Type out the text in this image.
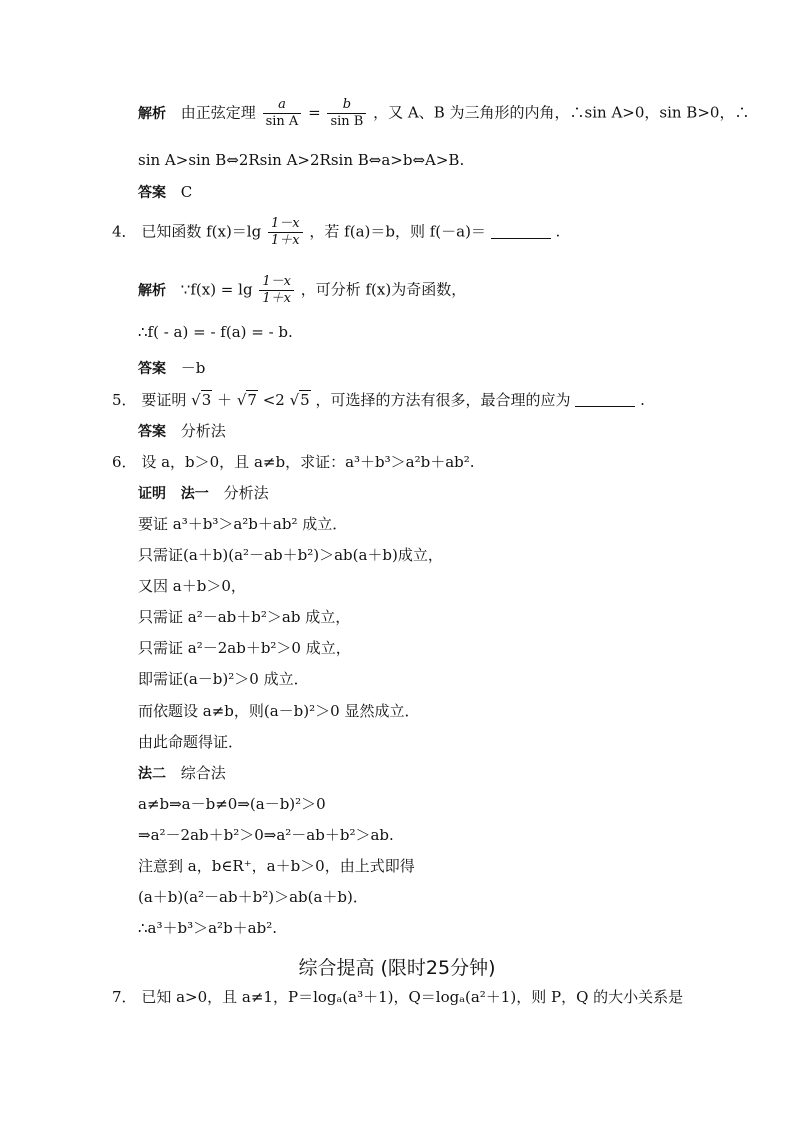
解析 由正弦定理 $\frac{a}{\text{sin A}} = \frac{b}{\text{sin B}}$ ，又 A、B 为三角形的内角，∴sin A>0，sin B>0，∴
sin A>sin B⇔2Rsin A>2Rsin B⇔a>b⇔A>B.
答案 C
4． 已知函数 $f(x)=\lg \frac{1-x}{1+x}$ ，若 f(a)＝b，则 f(－a)＝	.
解析 ∵f(x) = $\lg \frac{1-x}{1+x}$ ，可分析 f(x)为奇函数，
∴f( - a) = - f(a) = - b.
答案 －b
5． 要证明 √3 ＋ √7 <2 √5 ，可选择的方法有很多，最合理的应为	.
答案 分析法
6． 设 a，b＞0，且 a≠b，求证：a³＋b³＞a²b＋ab².
证明 法一 分析法
要证 a³＋b³＞a²b＋ab² 成立．
只需证(a＋b)(a²－ab＋b²)＞ab(a＋b)成立，
又因 a＋b＞0，
只需证 a²－ab＋b²＞ab 成立，
只需证 a²－2ab＋b²＞0 成立，
即需证(a－b)²＞0 成立．
而依题设 a≠b，则(a－b)²＞0 显然成立．
由此命题得证．
法二 综合法
a≠b⇒a－b≠0⇒(a－b)²＞0
⇒a²－2ab＋b²＞0⇒a²－ab＋b²＞ab.
注意到 a，b∈R⁺，a＋b＞0，由上式即得
(a＋b)(a²－ab＋b²)＞ab(a＋b)．
∴a³＋b³＞a²b＋ab².
综合提高 (限时25分钟)
7． 已知 a>0，且 a≠1，P＝logₐ(a³＋1)，Q＝logₐ(a²＋1)，则 P，Q 的大小关系是
